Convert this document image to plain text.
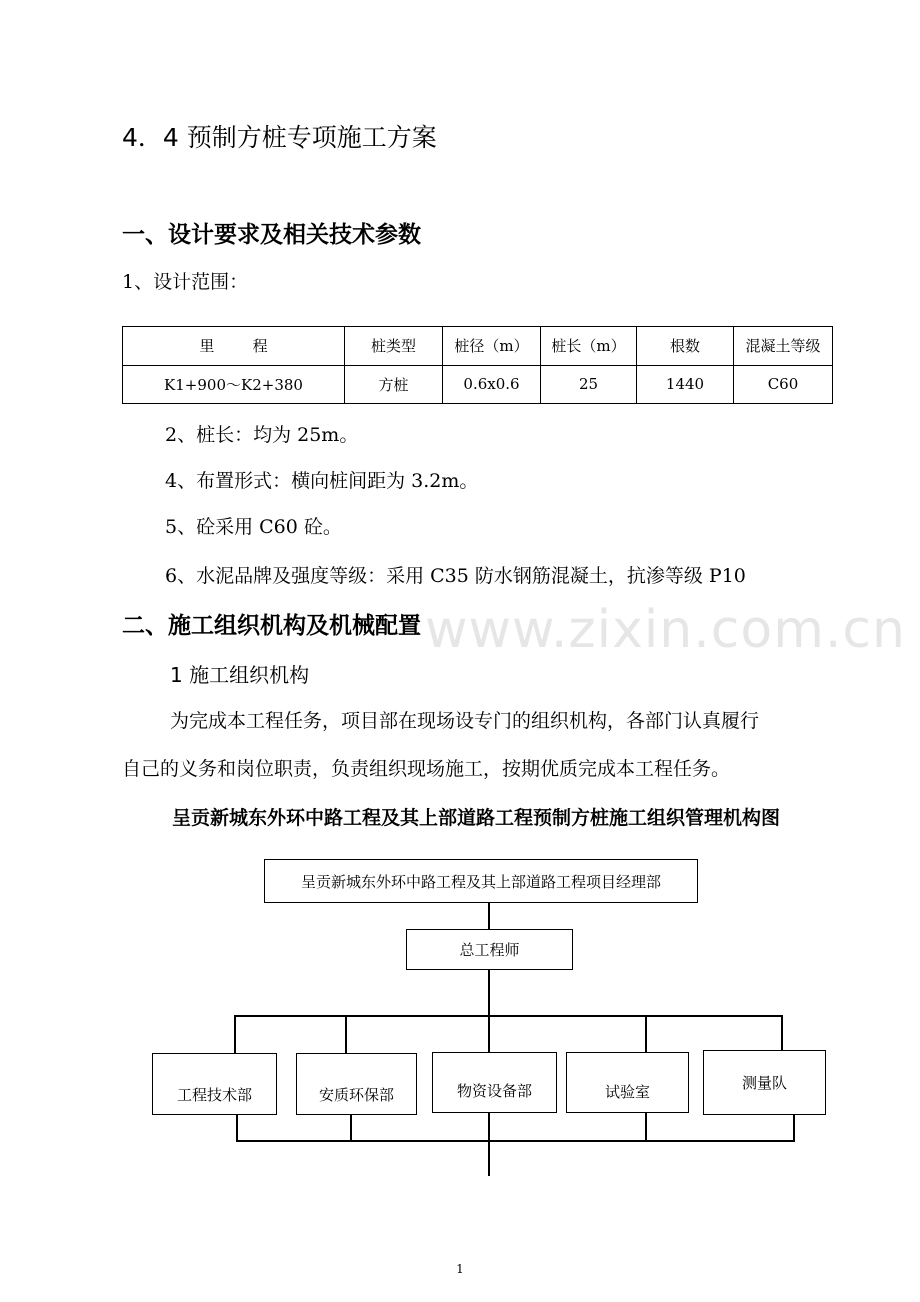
www.zixin.com.cn
4．4 预制方桩专项施工方案
一、设计要求及相关技术参数
1、设计范围：
里        程	桩类型	桩径（m）	桩长（m）	根数	混凝土等级
K1+900～K2+380	方桩	0.6x0.6	25	1440	C60
2、桩长：均为 25m。
4、布置形式：横向桩间距为 3.2m。
5、砼采用 C60 砼。
6、水泥品牌及强度等级：采用 C35 防水钢筋混凝土，抗渗等级 P10
二、施工组织机构及机械配置
1 施工组织机构
为完成本工程任务，项目部在现场设专门的组织机构，各部门认真履行
自己的义务和岗位职责，负责组织现场施工，按期优质完成本工程任务。
呈贡新城东外环中路工程及其上部道路工程预制方桩施工组织管理机构图
呈贡新城东外环中路工程及其上部道路工程项目经理部
总工程师
工程技术部	安质环保部	物资设备部	试验室	测量队
1
